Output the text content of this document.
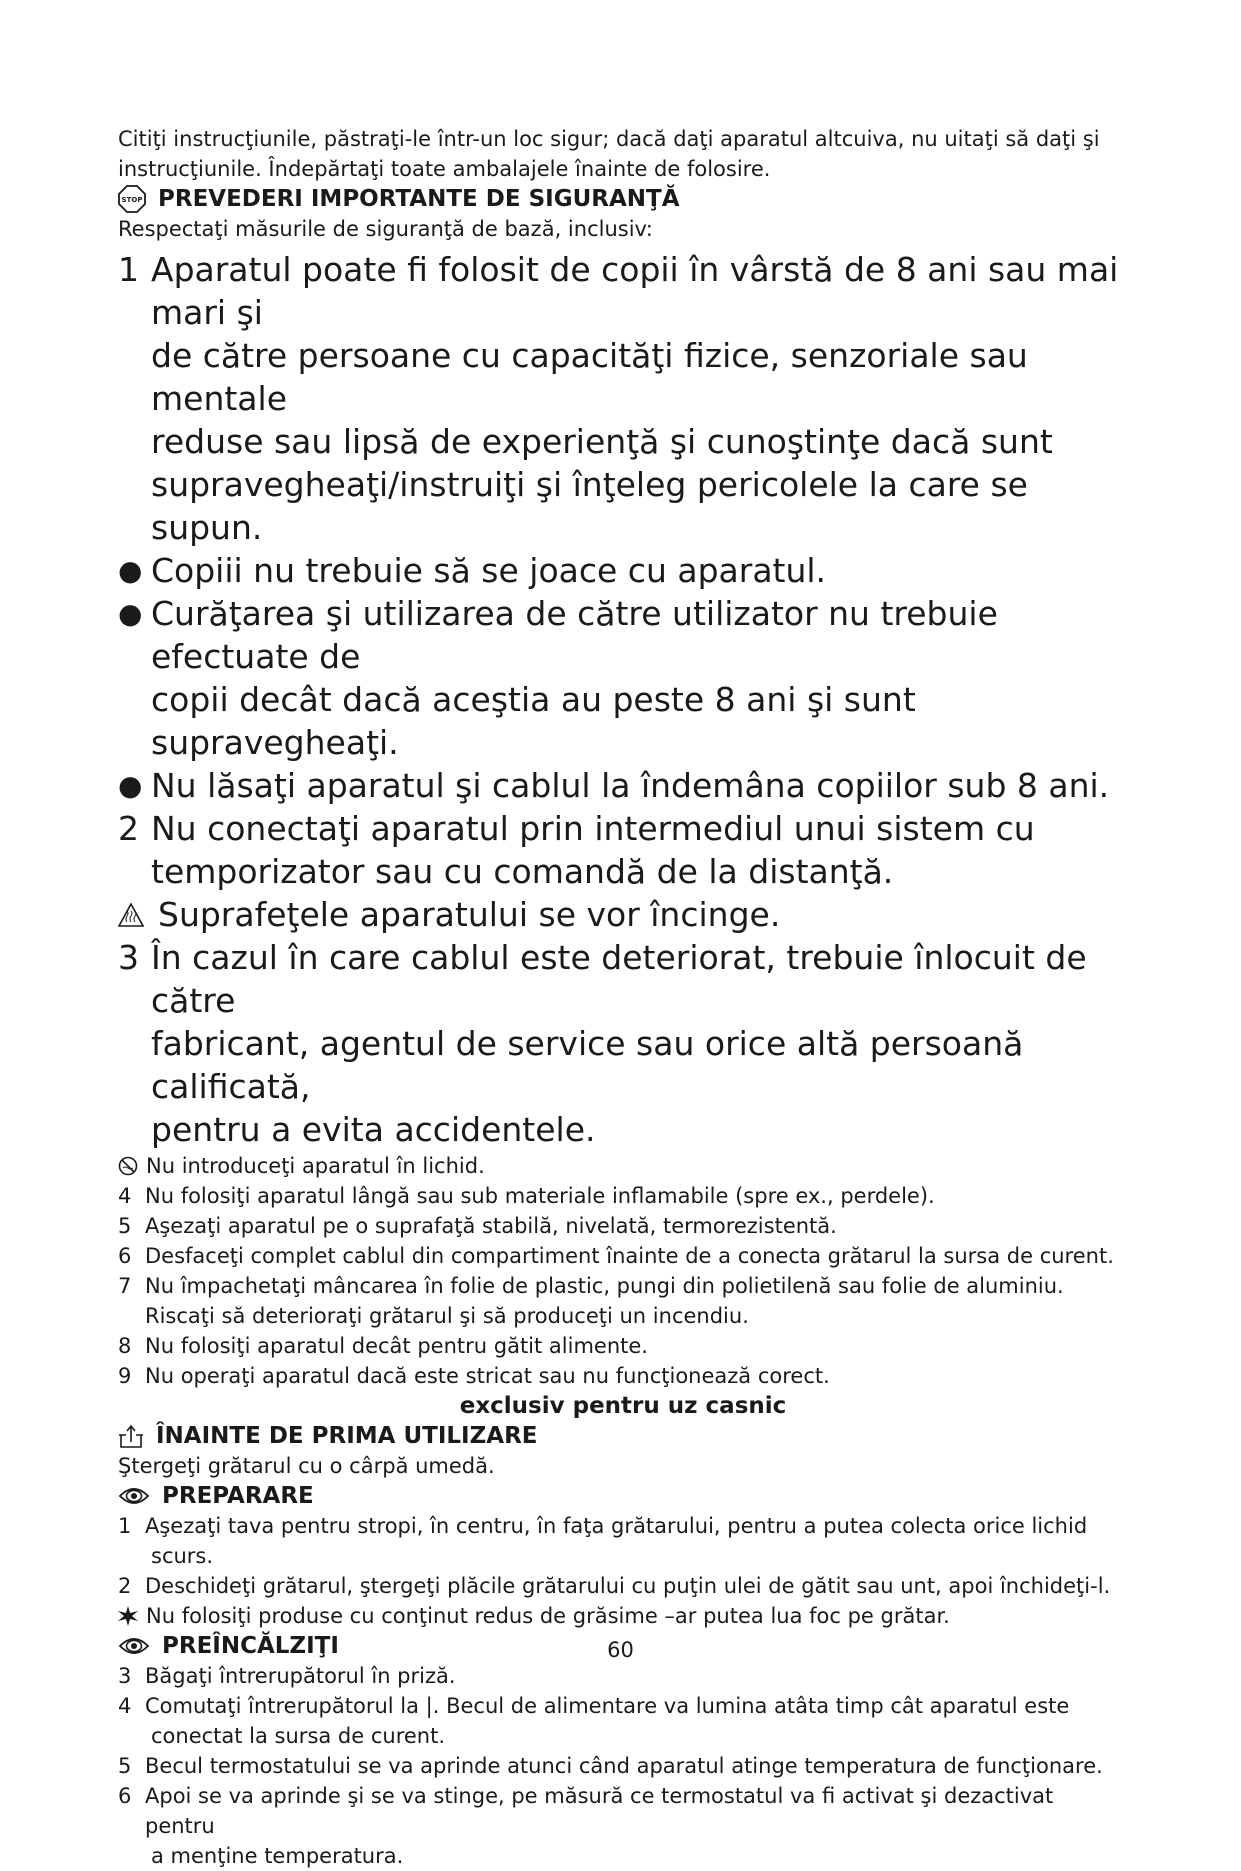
Citiţi instrucţiunile, păstraţi-le într-un loc sigur; dacă daţi aparatul altcuiva, nu uitaţi să daţi şi

instrucţiunile. Îndepărtaţi toate ambalajele înainte de folosire.

STOP PREVEDERI IMPORTANTE DE SIGURANŢĂ

Respectaţi măsurile de siguranţă de bază, inclusiv:

1 Aparatul poate fi folosit de copii în vârstă de 8 ani sau mai mari şi
de către persoane cu capacităţi fizice, senzoriale sau mentale
reduse sau lipsă de experienţă şi cunoştinţe dacă sunt
supravegheaţi/instruiţi şi înţeleg pericolele la care se supun.
● Copiii nu trebuie să se joace cu aparatul.
● Curăţarea şi utilizarea de către utilizator nu trebuie efectuate de
copii decât dacă aceştia au peste 8 ani şi sunt supravegheaţi.
● Nu lăsaţi aparatul şi cablul la îndemâna copiilor sub 8 ani.
2 Nu conectaţi aparatul prin intermediul unui sistem cu
temporizator sau cu comandă de la distanţă.
Suprafeţele aparatului se vor încinge.
3 În cazul în care cablul este deteriorat, trebuie înlocuit de către
fabricant, agentul de service sau orice altă persoană calificată,
pentru a evita accidentele.
Nu introduceţi aparatul în lichid.
4 Nu folosiţi aparatul lângă sau sub materiale inflamabile (spre ex., perdele).
5 Aşezaţi aparatul pe o suprafaţă stabilă, nivelată, termorezistentă.
6 Desfaceţi complet cablul din compartiment înainte de a conecta grătarul la sursa de curent.
7 Nu împachetaţi mâncarea în folie de plastic, pungi din polietilenă sau folie de aluminiu.

Riscaţi să deterioraţi grătarul şi să produceţi un incendiu.

8 Nu folosiţi aparatul decât pentru gătit alimente.
9 Nu operaţi aparatul dacă este stricat sau nu funcţionează corect.

exclusiv pentru uz casnic

ÎNAINTE DE PRIMA UTILIZARE

Ştergeţi grătarul cu o cârpă umedă.

PREPARARE
1 Aşezaţi tava pentru stropi, în centru, în faţa grătarului, pentru a putea colecta orice lichid

scurs.

2 Deschideţi grătarul, ştergeţi plăcile grătarului cu puţin ulei de gătit sau unt, apoi închideţi-l.
Nu folosiţi produse cu conţinut redus de grăsime –ar putea lua foc pe grătar.
PREÎNCĂLZIŢI
3 Băgaţi întrerupătorul în priză.
4 Comutaţi întrerupătorul la |. Becul de alimentare va lumina atâta timp cât aparatul este

conectat la sursa de curent.

5 Becul termostatului se va aprinde atunci când aparatul atinge temperatura de funcţionare.
6 Apoi se va aprinde şi se va stinge, pe măsură ce termostatul va fi activat şi dezactivat pentru

a menţine temperatura.

60
